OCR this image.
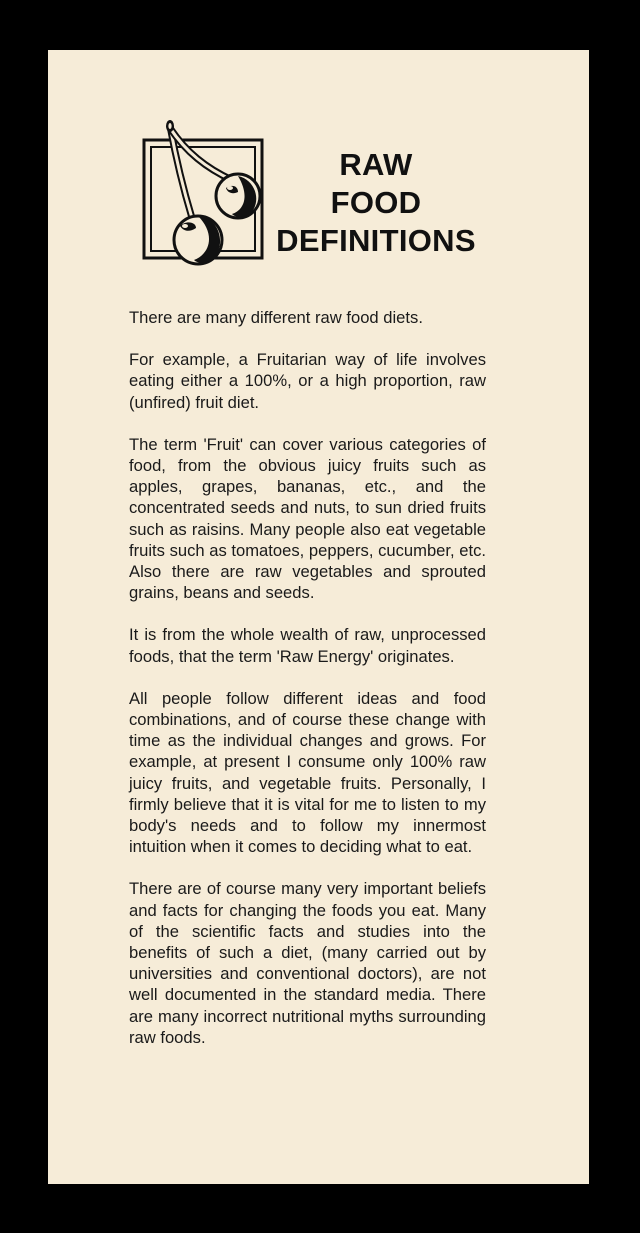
RAW
FOOD
DEFINITIONS

There are many different raw food diets.

For example, a Fruitarian way of life involves eating either a 100%, or a high proportion, raw (unfired) fruit diet.

The term 'Fruit' can cover various categories of food, from the obvious juicy fruits such as apples, grapes, bananas, etc., and the concentrated seeds and nuts, to sun dried fruits such as raisins. Many people also eat vegetable fruits such as tomatoes, peppers, cucumber, etc. Also there are raw vegetables and sprouted grains, beans and seeds.

It is from the whole wealth of raw, unprocessed foods, that the term 'Raw Energy' originates.

All people follow different ideas and food combinations, and of course these change with time as the individual changes and grows. For example, at present I consume only 100% raw juicy fruits, and vegetable fruits. Personally, I firmly believe that it is vital for me to listen to my body's needs and to follow my innermost intuition when it comes to deciding what to eat.

There are of course many very important beliefs and facts for changing the foods you eat. Many of the scientific facts and studies into the benefits of such a diet, (many carried out by universities and conventional doctors), are not well documented in the standard media. There are many incorrect nutritional myths surrounding raw foods.
